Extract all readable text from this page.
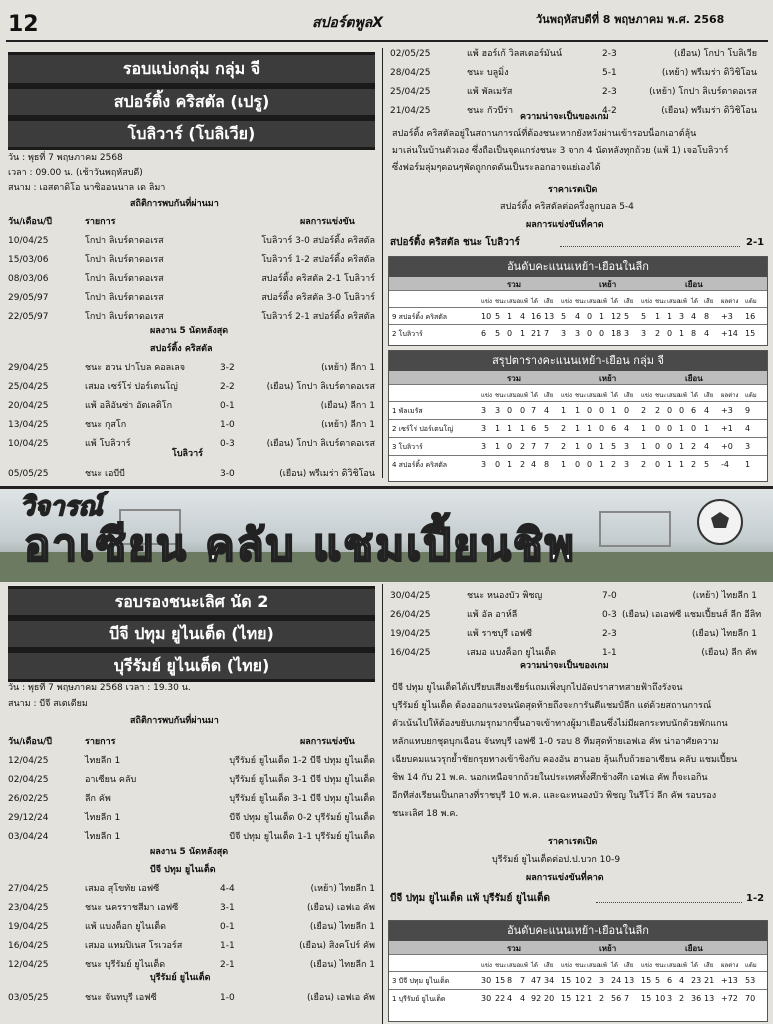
12	สปอร์ตพูลX	วันพฤหัสบดีที่ 8 พฤษภาคม พ.ศ. 2568
รอบแบ่งกลุ่ม กลุ่ม จี
สปอร์ติ้ง คริสตัล (เปรู)
โบลิวาร์ (โบลิเวีย)
วัน : พุธที่ 7 พฤษภาคม 2568
เวลา : 09.00 น. (เช้าวันพฤหัสบดี)
สนาม : เอสตาดิโอ นาซิออนนาล เด ลิมา
สถิติการพบกันที่ผ่านมา
วัน/เดือน/ปี	รายการ	ผลการแข่งขัน
10/04/25	โกปา ลิเบร์ตาดอเรส	โบลิวาร์ 3-0 สปอร์ติ้ง คริสตัล
15/03/06	โกปา ลิเบร์ตาดอเรส	โบลิวาร์ 1-2 สปอร์ติ้ง คริสตัล
08/03/06	โกปา ลิเบร์ตาดอเรส	สปอร์ติ้ง คริสตัล 2-1 โบลิวาร์
29/05/97	โกปา ลิเบร์ตาดอเรส	สปอร์ติ้ง คริสตัล 3-0 โบลิวาร์
22/05/97	โกปา ลิเบร์ตาดอเรส	โบลิวาร์ 2-1 สปอร์ติ้ง คริสตัล
ผลงาน 5 นัดหลังสุด
สปอร์ติ้ง คริสตัล
29/04/25	ชนะ ฮวน ปาโบล คอลเลจ	3-2	(เหย้า) ลีกา 1
25/04/25	เสมอ เซร์โร่ ปอร์เตนโญ่	2-2	(เยือน) โกปา ลิเบร์ตาดอเรส
20/04/25	แพ้ อลิอันซ่า อัตเลติโก	0-1	(เยือน) ลีกา 1
13/04/25	ชนะ กุสโก	1-0	(เหย้า) ลีกา 1
10/04/25	แพ้ โบลิวาร์	0-3	(เยือน) โกปา ลิเบร์ตาดอเรส
โบลิวาร์
05/05/25	ชนะ เอบีบี	3-0	(เยือน) พรีเมร่า ดิวิชิโอน
02/05/25	แพ้ ฮอร์เก้ วิลสเตอร์มันน์	2-3	(เยือน) โกปา โบลิเวีย
28/04/25	ชนะ บลูมิ่ง	5-1	(เหย้า) พรีเมร่า ดิวิชิโอน
25/04/25	แพ้ พัลเมรัส	2-3	(เหย้า) โกปา ลิเบร์ตาดอเรส
21/04/25	ชนะ กัวบีร่า	4-2	(เยือน) พรีเมร่า ดิวิชิโอน
ความน่าจะเป็นของเกม
สปอร์ติ้ง คริสตัลอยู่ในสถานการณ์ที่ต้องชนะหากยังหวังผ่านเข้ารอบน็อกเอาต์ลุ้น
มาเล่นในบ้านตัวเอง ซึ่งถือเป็นจุดแกร่งชนะ 3 จาก 4 นัดหลังทุกถ้วย (แพ้ 1) เจอโบลิวาร์
ซึ่งฟอร์มลุ่มๆดอนๆพัดถูกกดดันเป็นระลอกอาจแย่เองได้
ราคาเรตเปิด
สปอร์ติ้ง คริสตัลต่อครึ่งลูกบอล 5-4
ผลการแข่งขันที่คาด
สปอร์ติ้ง คริสตัล ชนะ โบลิวาร์	2-1
อันดับคะแนนเหย้า-เยือนในลีก
รวม	เหย้า	เยือน
แข่ง ชนะ เสมอ แพ้ ได้ เสีย แข่ง ชนะ เสมอ
แพ้ ได้ เสีย แข่ง ชนะ เสมอ
แพ้ ได้ เสีย ผลต่าง แต้ม
9 สปอร์ติ้ง คริสตัล	10 5 1 4 16 13 5 4 0 1 12 5 5 1 1 3 4 8 +3 16
2 โบลิวาร์	6 5 0 1 21 7 3 3 0 0 18 3 3 2 0 1 8 4 +14 15
สรุปตารางคะแนนเหย้า-เยือน กลุ่ม จี
รวม	เหย้า	เยือน
แข่ง ชนะ เสมอ แพ้ ได้ เสีย แข่ง ชนะ เสมอ
แพ้ ได้ เสีย แข่ง ชนะ เสมอ
แพ้ ได้ เสีย ผลต่าง แต้ม
1 พัลเมรัส	3 3 0 0 7 4 1 1 0 0 1 0 2 2 0 0 6 4 +3 9
2 เซร์โร่ ปอร์เตนโญ่	3 1 1 1 6 5 2 1 1 0 6 4 1 0 0 1 0 1 +1 4
3 โบลิวาร์	3 1 0 2 7 7 2 1 0 1 5 3 1 0 0 1 2 4 +0 3
4 สปอร์ติ้ง คริสตัล	3 0 1 2 4 8 1 0 0 1 2 3 2 0 1 1 2 5 -4 1
วิจารณ์
อาเซียน คลับ แชมเปี้ยนชิพ
รอบรองชนะเลิศ นัด 2
บีจี ปทุม ยูไนเต็ด (ไทย)
บุรีรัมย์ ยูไนเต็ด (ไทย)
วัน : พุธที่ 7 พฤษภาคม 2568 เวลา : 19.30 น.
สนาม : บีจี สเตเดียม
สถิติการพบกันที่ผ่านมา
วัน/เดือน/ปี	รายการ	ผลการแข่งขัน
12/04/25	ไทยลีก 1	บุรีรัมย์ ยูไนเต็ด 1-2 บีจี ปทุม ยูไนเต็ด
02/04/25	อาเซียน คลับ	บุรีรัมย์ ยูไนเต็ด 3-1 บีจี ปทุม ยูไนเต็ด
26/02/25	ลีก คัพ	บุรีรัมย์ ยูไนเต็ด 3-1 บีจี ปทุม ยูไนเต็ด
29/12/24	ไทยลีก 1	บีจี ปทุม ยูไนเต็ด 0-2 บุรีรัมย์ ยูไนเต็ด
03/04/24	ไทยลีก 1	บีจี ปทุม ยูไนเต็ด 1-1 บุรีรัมย์ ยูไนเต็ด
ผลงาน 5 นัดหลังสุด
บีจี ปทุม ยูไนเต็ด
27/04/25	เสมอ สุโขทัย เอฟซี	4-4	(เหย้า) ไทยลีก 1
23/04/25	ชนะ นครราชสีมา เอฟซี	3-1	(เยือน) เอฟเอ คัพ
19/04/25	แพ้ แบงค็อก ยูไนเต็ด	0-1	(เยือน) ไทยลีก 1
16/04/25	เสมอ แทมปิเนส โรเวอร์ส	1-1	(เยือน) สิงคโปร์ คัพ
12/04/25	ชนะ บุรีรัมย์ ยูไนเต็ด	2-1	(เยือน) ไทยลีก 1
บุรีรัมย์ ยูไนเต็ด
03/05/25	ชนะ จันทบุรี เอฟซี	1-0	(เยือน) เอฟเอ คัพ
30/04/25	ชนะ หนองบัว พิชญ	7-0	(เหย้า) ไทยลีก 1
26/04/25	แพ้ อัล อาห์ลี	0-3 (เยือน) เอเอฟซี แชมเปี้ยนส์ ลีก อีลิท
19/04/25	แพ้ ราชบุรี เอฟซี	2-3	(เยือน) ไทยลีก 1
16/04/25	เสมอ แบงค็อก ยูไนเต็ด	1-1	(เยือน) ลีก คัพ
ความน่าจะเป็นของเกม
บีจี ปทุม ยูไนเต็ดได้เปรียบเสียงเชียร์แถมเพิ่งบุกไปอัดปราสาทสายฟ้าถึงรังจน
บุรีรัมย์ ยูไนเต็ด ต้องออกแรงจนนัดสุดท้ายถึงจะการันตีแชมป์ลีก แต่ด้วยสถานการณ์
ตัวเน้นไปให้ต้องขยับเกมรุกมากขึ้นอาจเข้าทางผู้มาเยือนซึ่งไม่มีผลกระทบนักด้วยพักแกน
หลักแทบยกชุดบุกเฉือน จันทบุรี เอฟซี 1-0 รอบ 8 ทีมสุดท้ายเอฟเอ คัพ น่าอาศัยความ
เฉียบคมแนวรุกย้ำชัยกรุยทางเข้าชิงกับ คองอัน ฮานอย ลุ้นเก็บถ้วยอาเซียน คลับ แชมเปี้ยน
ชิพ 14 กับ 21 พ.ค. นอกเหนือจากถ้วยในประเทศทั้งศึกช้างศึก เอฟเอ คัพ ก็จะเอกิน
อีกทีส่งเรียนเป็นกลางที่ราชบุรี 10 พ.ค. และฉะหนองบัว พิชญ ในรีโว่ ลีก คัพ รอบรอง
ชนะเลิศ 18 พ.ค.
ราคาเรตเปิด
บุรีรัมย์ ยูไนเต็ดต่อป.ป.บวก 10-9
ผลการแข่งขันที่คาด
บีจี ปทุม ยูไนเต็ด แพ้ บุรีรัมย์ ยูไนเต็ด	1-2
อันดับคะแนนเหย้า-เยือนในลีก
รวม	เหย้า	เยือน
แข่ง ชนะ เสมอ แพ้ ได้ เสีย แข่ง ชนะ เสมอ
แพ้ ได้ เสีย แข่ง ชนะ เสมอ
แพ้ ได้ เสีย ผลต่าง แต้ม
3 บีจี ปทุม ยูไนเต็ด	30 15 8 7 47 34 15 10 2 3 24 13 15 5 6 4 23 21 +13 53
1 บุรีรัมย์ ยูไนเต็ด	30 22 4 4 92 20 15 12 1 2 56 7 15 10 3 2 36 13 +72 70
